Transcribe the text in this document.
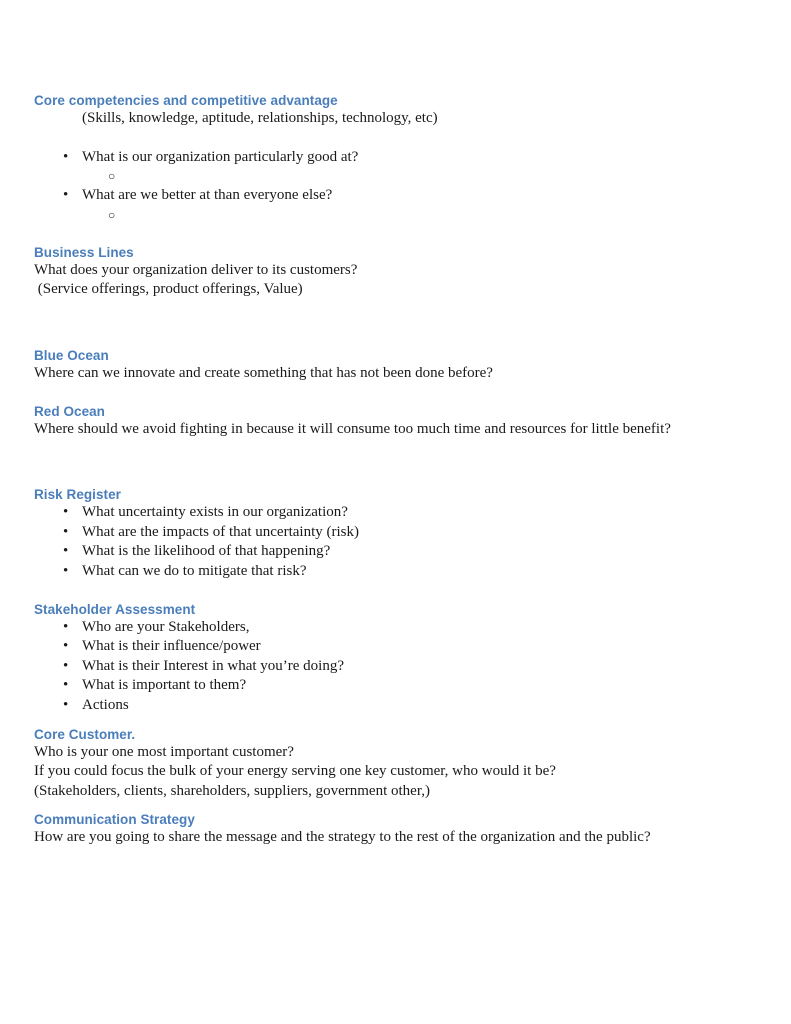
Core competencies and competitive advantage

(Skills, knowledge, aptitude, relationships, technology, etc)

• What is our organization particularly good at?
○
• What are we better at than everyone else?
○

Business Lines

What does your organization deliver to its customers?

(Service offerings, product offerings, Value)

Blue Ocean

Where can we innovate and create something that has not been done before?

Red Ocean

Where should we avoid fighting in because it will consume too much time and resources for little benefit?

Risk Register

• What uncertainty exists in our organization?
• What are the impacts of that uncertainty (risk)
• What is the likelihood of that happening?
• What can we do to mitigate that risk?

Stakeholder Assessment

• Who are your Stakeholders,
• What is their influence/power
• What is their Interest in what you’re doing?
• What is important to them?
• Actions

Core Customer.

Who is your one most important customer?

If you could focus the bulk of your energy serving one key customer, who would it be?

(Stakeholders, clients, shareholders, suppliers, government other,)

Communication Strategy

How are you going to share the message and the strategy to the rest of the organization and the public?
